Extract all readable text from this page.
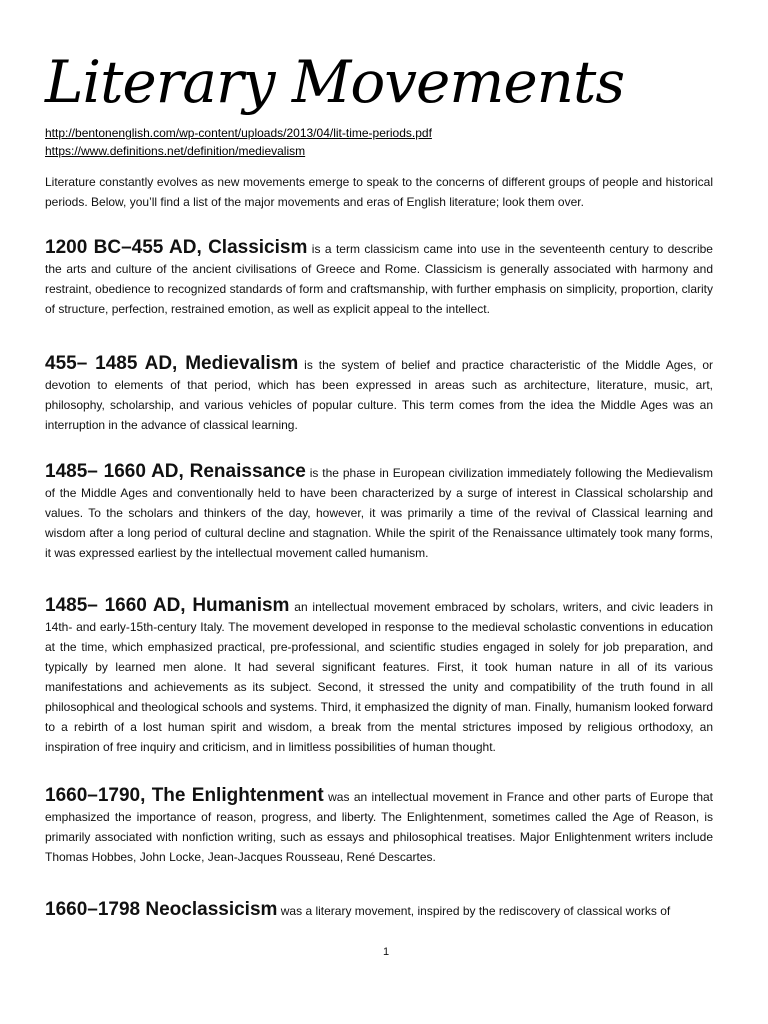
Literary Movements
http://bentonenglish.com/wp-content/uploads/2013/04/lit-time-periods.pdf
https://www.definitions.net/definition/medievalism

Literature constantly evolves as new movements emerge to speak to the concerns of different groups of people and historical periods. Below, you’ll find a list of the major movements and eras of English literature; look them over.

1200 BC–455 AD, Classicism is a term classicism came into use in the seventeenth century to describe the arts and culture of the ancient civilisations of Greece and Rome. Classicism is generally associated with harmony and restraint, obedience to recognized standards of form and craftsmanship, with further emphasis on simplicity, proportion, clarity of structure, perfection, restrained emotion, as well as explicit appeal to the intellect.

455– 1485 AD, Medievalism is the system of belief and practice characteristic of the Middle Ages, or devotion to elements of that period, which has been expressed in areas such as architecture, literature, music, art, philosophy, scholarship, and various vehicles of popular culture. This term comes from the idea the Middle Ages was an interruption in the advance of classical learning.

1485– 1660 AD, Renaissance is the phase in European civilization immediately following the Medievalism of the Middle Ages and conventionally held to have been characterized by a surge of interest in Classical scholarship and values. To the scholars and thinkers of the day, however, it was primarily a time of the revival of Classical learning and wisdom after a long period of cultural decline and stagnation. While the spirit of the Renaissance ultimately took many forms, it was expressed earliest by the intellectual movement called humanism.

1485– 1660 AD, Humanism an intellectual movement embraced by scholars, writers, and civic leaders in 14th- and early-15th-century Italy. The movement developed in response to the medieval scholastic conventions in education at the time, which emphasized practical, pre-professional, and scientific studies engaged in solely for job preparation, and typically by learned men alone. It had several significant features. First, it took human nature in all of its various manifestations and achievements as its subject. Second, it stressed the unity and compatibility of the truth found in all philosophical and theological schools and systems. Third, it emphasized the dignity of man. Finally, humanism looked forward to a rebirth of a lost human spirit and wisdom, a break from the mental strictures imposed by religious orthodoxy, an inspiration of free inquiry and criticism, and in limitless possibilities of human thought.

1660–1790, The Enlightenment was an intellectual movement in France and other parts of Europe that emphasized the importance of reason, progress, and liberty. The Enlightenment, sometimes called the Age of Reason, is primarily associated with nonfiction writing, such as essays and philosophical treatises. Major Enlightenment writers include Thomas Hobbes, John Locke, Jean-Jacques Rousseau, René Descartes.

1660–1798 Neoclassicism was a literary movement, inspired by the rediscovery of classical works of

1
